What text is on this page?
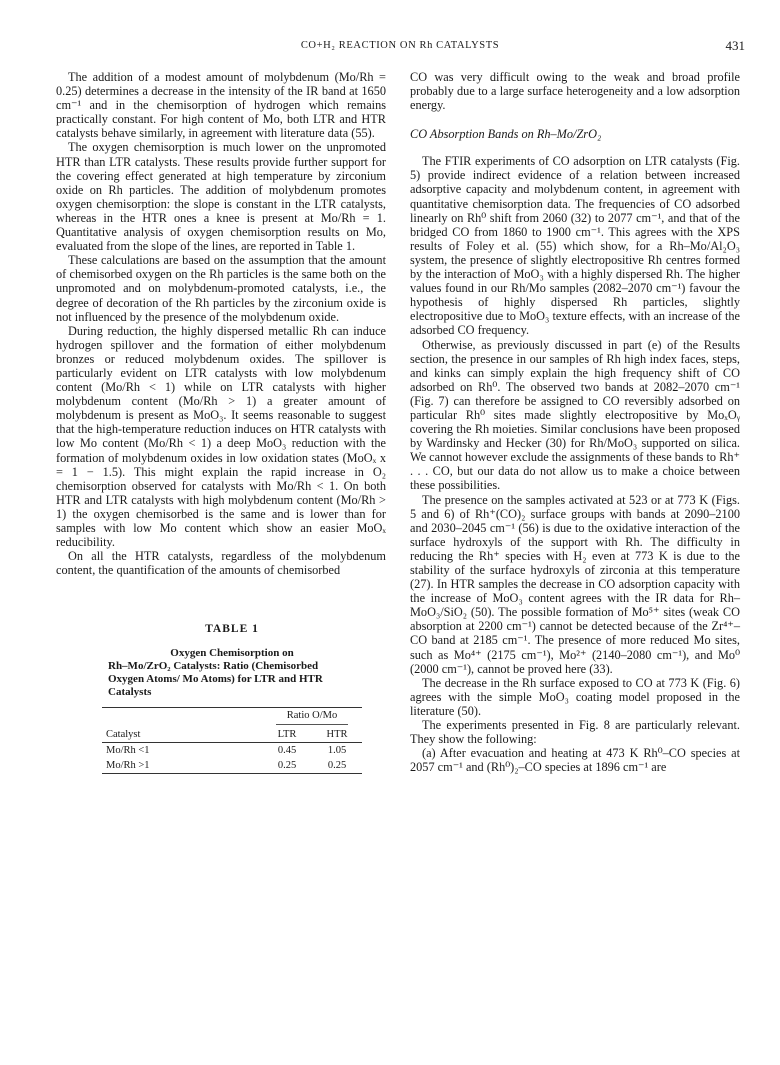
CO+H₂ REACTION ON Rh CATALYSTS	431

The addition of a modest amount of molybdenum (Mo/Rh = 0.25) determines a decrease in the intensity of the IR band at 1650 cm⁻¹ and in the chemisorption of hydrogen which remains practically constant. For high content of Mo, both LTR and HTR catalysts behave similarly, in agreement with literature data (55).

The oxygen chemisorption is much lower on the unpromoted HTR than LTR catalysts. These results provide further support for the covering effect generated at high temperature by zirconium oxide on Rh particles. The addition of molybdenum promotes oxygen chemisorption: the slope is constant in the LTR catalysts, whereas in the HTR ones a knee is present at Mo/Rh = 1. Quantitative analysis of oxygen chemisorption results on Mo, evaluated from the slope of the lines, are reported in Table 1.

These calculations are based on the assumption that the amount of chemisorbed oxygen on the Rh particles is the same both on the unpromoted and on molybdenum-promoted catalysts, i.e., the degree of decoration of the Rh particles by the zirconium oxide is not influenced by the presence of the molybdenum oxide.

During reduction, the highly dispersed metallic Rh can induce hydrogen spillover and the formation of either molybdenum bronzes or reduced molybdenum oxides. The spillover is particularly evident on LTR catalysts with low molybdenum content (Mo/Rh < 1) while on LTR catalysts with higher molybdenum content (Mo/Rh > 1) a greater amount of molybdenum is present as MoO₃. It seems reasonable to suggest that the high-temperature reduction induces on HTR catalysts with low Mo content (Mo/Rh < 1) a deep MoO₃ reduction with the formation of molybdenum oxides in low oxidation states (MoOₓ x = 1 − 1.5). This might explain the rapid increase in O₂ chemisorption observed for catalysts with Mo/Rh < 1. On both HTR and LTR catalysts with high molybdenum content (Mo/Rh > 1) the oxygen chemisorbed is the same and is lower than for samples with low Mo content which show an easier MoOₓ reducibility.

On all the HTR catalysts, regardless of the molybdenum content, the quantification of the amounts of chemisorbed

TABLE 1
Oxygen Chemisorption on
Rh–Mo/ZrO₂ Catalysts: Ratio (Chemisorbed Oxygen Atoms/ Mo Atoms) for LTR and HTR Catalysts
	Ratio O/Mo	

Catalyst	LTR	HTR
Mo/Rh <1	0.45	1.05
Mo/Rh >1	0.25	0.25

CO was very difficult owing to the weak and broad profile probably due to a large surface heterogeneity and a low adsorption energy.

CO Absorption Bands on Rh–Mo/ZrO₂

The FTIR experiments of CO adsorption on LTR catalysts (Fig. 5) provide indirect evidence of a relation between increased adsorptive capacity and molybdenum content, in agreement with quantitative chemisorption data. The frequencies of CO adsorbed linearly on Rh⁰ shift from 2060 (32) to 2077 cm⁻¹, and that of the bridged CO from 1860 to 1900 cm⁻¹. This agrees with the XPS results of Foley et al. (55) which show, for a Rh–Mo/Al₂O₃ system, the presence of slightly electropositive Rh centres formed by the interaction of MoO₃ with a highly dispersed Rh. The higher values found in our Rh/Mo samples (2082–2070 cm⁻¹) favour the hypothesis of highly dispersed Rh particles, slightly electropositive due to MoO₃ texture effects, with an increase of the adsorbed CO frequency.

Otherwise, as previously discussed in part (e) of the Results section, the presence in our samples of Rh high index faces, steps, and kinks can simply explain the high frequency shift of CO adsorbed on Rh⁰. The observed two bands at 2082–2070 cm⁻¹ (Fig. 7) can therefore be assigned to CO reversibly adsorbed on particular Rh⁰ sites made slightly electropositive by MoₓOᵧ covering the Rh moieties. Similar conclusions have been proposed by Wardinsky and Hecker (30) for Rh/MoO₃ supported on silica. We cannot however exclude the assignments of these bands to Rh⁺ . . . CO, but our data do not allow us to make a choice between these possibilities.

The presence on the samples activated at 523 or at 773 K (Figs. 5 and 6) of Rh⁺(CO)₂ surface groups with bands at 2090–2100 and 2030–2045 cm⁻¹ (56) is due to the oxidative interaction of the surface hydroxyls of the support with Rh. The difficulty in reducing the Rh⁺ species with H₂ even at 773 K is due to the stability of the surface hydroxyls of zirconia at this temperature (27). In HTR samples the decrease in CO adsorption capacity with the increase of MoO₃ content agrees with the IR data for Rh–MoO₃/SiO₂ (50). The possible formation of Mo⁵⁺ sites (weak CO absorption at 2200 cm⁻¹) cannot be detected because of the Zr⁴⁺–CO band at 2185 cm⁻¹. The presence of more reduced Mo sites, such as Mo⁴⁺ (2175 cm⁻¹), Mo²⁺ (2140–2080 cm⁻¹), and Mo⁰ (2000 cm⁻¹), cannot be proved here (33).

The decrease in the Rh surface exposed to CO at 773 K (Fig. 6) agrees with the simple MoO₃ coating model proposed in the literature (50).

The experiments presented in Fig. 8 are particularly relevant. They show the following:

(a) After evacuation and heating at 473 K Rh⁰–CO species at 2057 cm⁻¹ and (Rh⁰)₂–CO species at 1896 cm⁻¹ are
